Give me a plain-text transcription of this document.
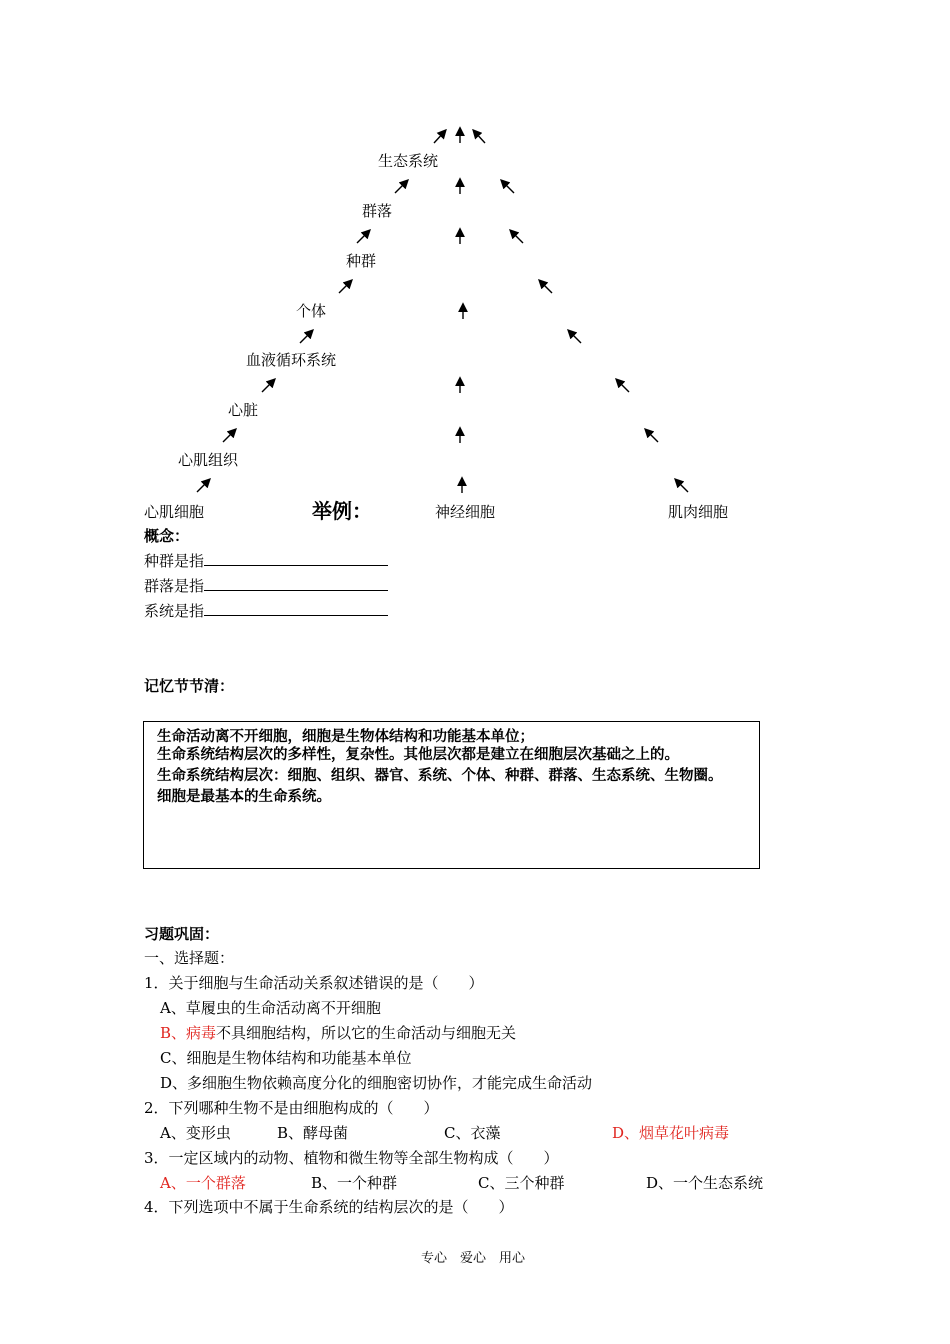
生态系统
群落
种群
个体
血液循环系统
心脏
心肌组织
心肌细胞	举例：	神经细胞	肌肉细胞
概念：
种群是指
群落是指
系统是指
记忆节节清：
生命活动离不开细胞，细胞是生物体结构和功能基本单位；
生命系统结构层次的多样性，复杂性。其他层次都是建立在细胞层次基础之上的。
生命系统结构层次：细胞、组织、器官、系统、个体、种群、群落、生态系统、生物圈。
细胞是最基本的生命系统。
习题巩固：
一、选择题：
1．关于细胞与生命活动关系叙述错误的是（　　）
A、草履虫的生命活动离不开细胞
B、病毒不具细胞结构，所以它的生命活动与细胞无关
C、细胞是生物体结构和功能基本单位
D、多细胞生物依赖高度分化的细胞密切协作，才能完成生命活动
2．下列哪种生物不是由细胞构成的（　　）
A、变形虫	B、酵母菌	C、衣藻	D、烟草花叶病毒
3．一定区域内的动物、植物和微生物等全部生物构成（　　）
A、一个群落	B、一个种群	C、三个种群	D、一个生态系统
4．下列选项中不属于生命系统的结构层次的是（　　）
专心　爱心　用心
